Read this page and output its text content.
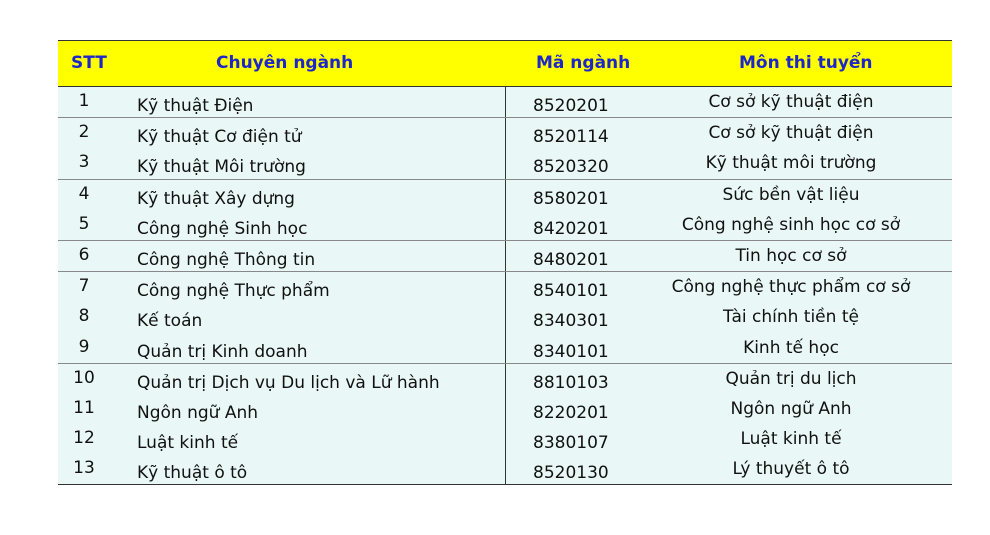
STT	Chuyên ngành	Mã ngành	Môn thi tuyển
1	Kỹ thuật Điện	8520201	Cơ sở kỹ thuật điện
2	Kỹ thuật Cơ điện tử	8520114	Cơ sở kỹ thuật điện
3	Kỹ thuật Môi trường	8520320	Kỹ thuật môi trường
4	Kỹ thuật Xây dựng	8580201	Sức bền vật liệu
5	Công nghệ Sinh học	8420201	Công nghệ sinh học cơ sở
6	Công nghệ Thông tin	8480201	Tin học cơ sở
7	Công nghệ Thực phẩm	8540101	Công nghệ thực phẩm cơ sở
8	Kế toán	8340301	Tài chính tiền tệ
9	Quản trị Kinh doanh	8340101	Kinh tế học
10	Quản trị Dịch vụ Du lịch và Lữ hành	8810103	Quản trị du lịch
11	Ngôn ngữ Anh	8220201	Ngôn ngữ Anh
12	Luật kinh tế	8380107	Luật kinh tế
13	Kỹ thuật ô tô	8520130	Lý thuyết ô tô
